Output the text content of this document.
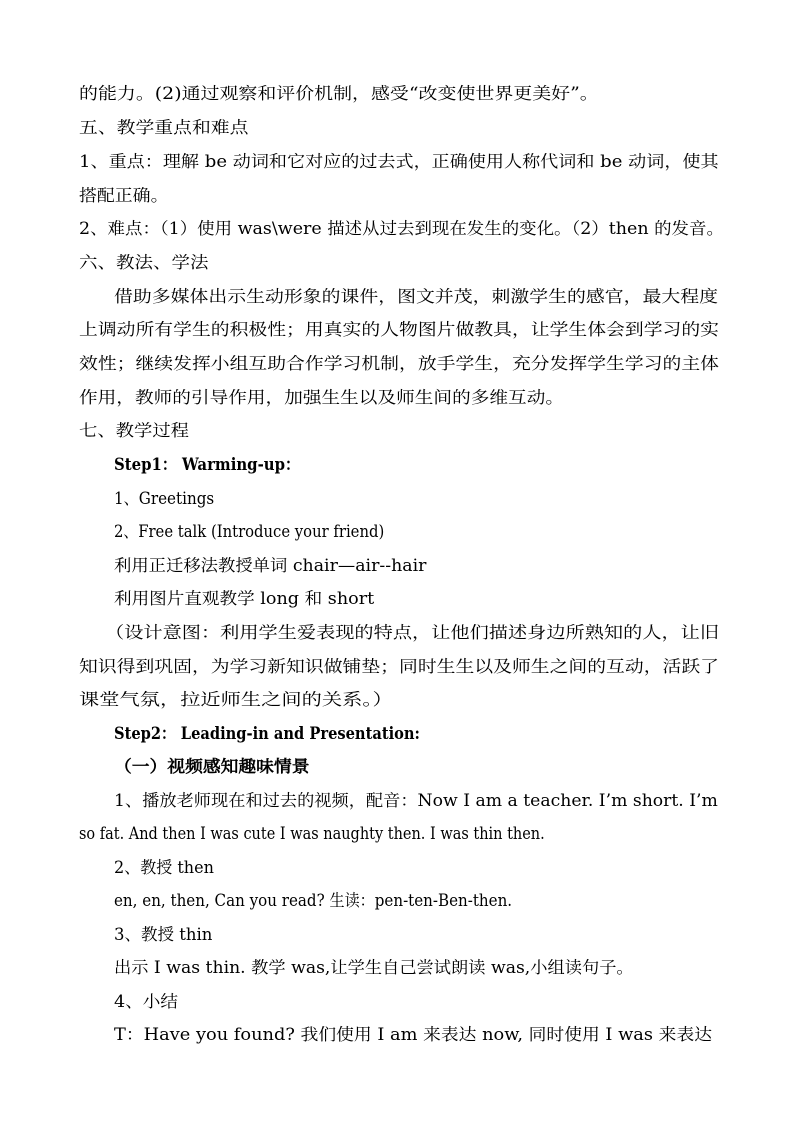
的能力。(2)通过观察和评价机制，感受“改变使世界更美好”。
五、教学重点和难点
1、重点：理解 be 动词和它对应的过去式，正确使用人称代词和 be 动词，使其
搭配正确。
2、难点：（1）使用 was\were 描述从过去到现在发生的变化。（2）then 的发音。
六、教法、学法
借助多媒体出示生动形象的课件，图文并茂，刺激学生的感官，最大程度
上调动所有学生的积极性；用真实的人物图片做教具，让学生体会到学习的实
效性；继续发挥小组互助合作学习机制，放手学生，充分发挥学生学习的主体
作用，教师的引导作用，加强生生以及师生间的多维互动。
七、教学过程
Step1： Warming-up：
1、Greetings
2、Free talk (Introduce your friend)
利用正迁移法教授单词 chair—air--hair
利用图片直观教学 long 和 short
（设计意图：利用学生爱表现的特点，让他们描述身边所熟知的人，让旧
知识得到巩固，为学习新知识做铺垫；同时生生以及师生之间的互动，活跃了
课堂气氛，拉近师生之间的关系。）
Step2： Leading-in and Presentation:
（一）视频感知趣味情景
1、播放老师现在和过去的视频，配音：Now I am a teacher. I’m short. I’m
so fat. And then I was cute I was naughty then. I was thin then.
2、教授 then
en, en, then, Can you read? 生读：pen-ten-Ben-then.
3、教授 thin
出示 I was thin. 教学 was,让学生自己尝试朗读 was,小组读句子。
4、小结
T：Have you found? 我们使用 I am 来表达 now, 同时使用 I was 来表达
